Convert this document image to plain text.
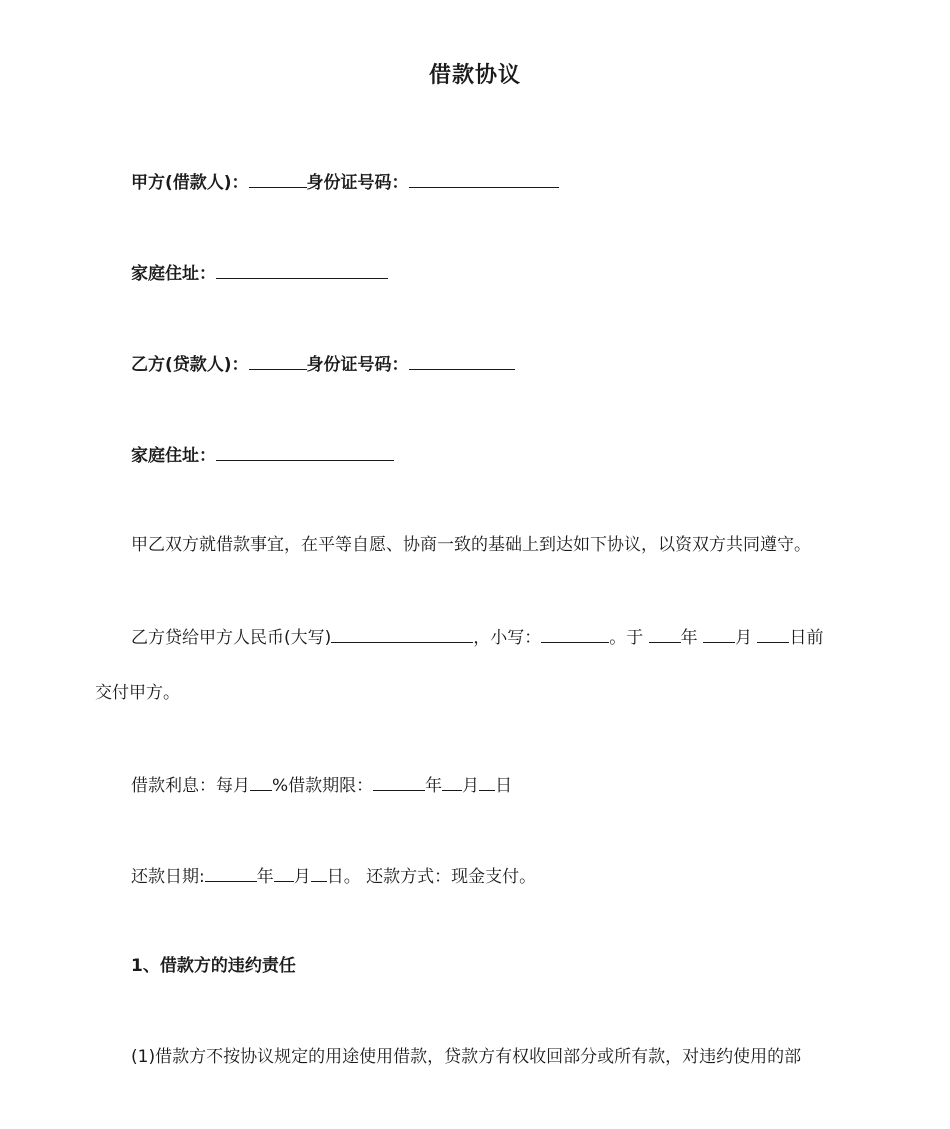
借款协议
甲方(借款人)：	身份证号码：
家庭住址：
乙方(贷款人)：	身份证号码：
家庭住址：
甲乙双方就借款事宜，在平等自愿、协商一致的基础上到达如下协议，以资双方共同遵守。
乙方贷给甲方人民币(大写)	，小写：	。于 年 月 日前
交付甲方。
借款利息：每月 %借款期限：	年 月 日
还款日期:	年 月 日。 还款方式：现金支付。
1、借款方的违约责任
(1)借款方不按协议规定的用途使用借款，贷款方有权收回部分或所有款，对违约使用的部
